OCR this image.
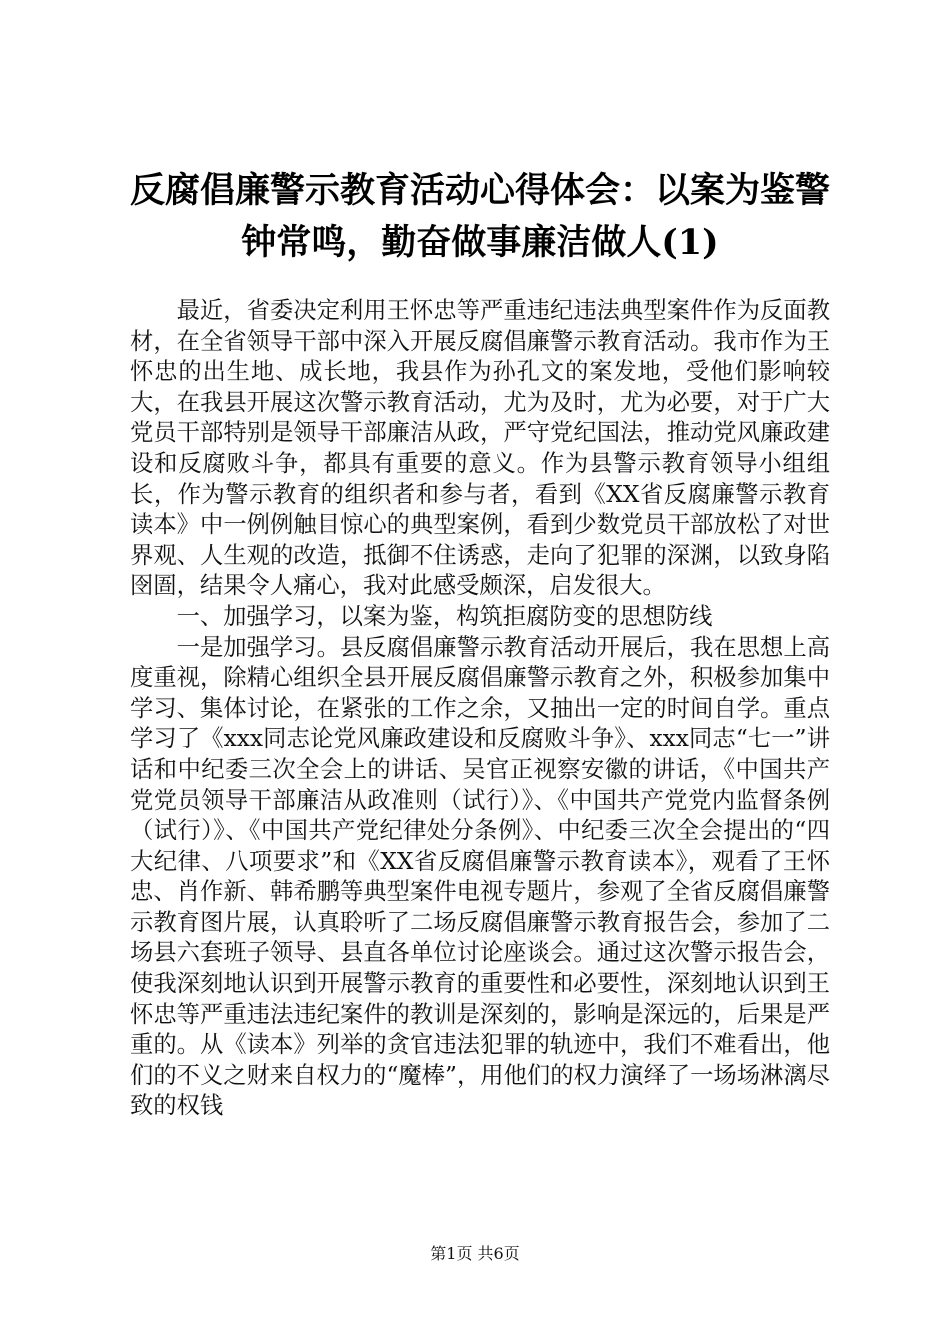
反腐倡廉警示教育活动心得体会：以案为鉴警
钟常鸣，勤奋做事廉洁做人(1)

最近，省委决定利用王怀忠等严重违纪违法典型案件作为反面教材，在全省领导干部中深入开展反腐倡廉警示教育活动。我市作为王怀忠的出生地、成长地，我县作为孙孔文的案发地，受他们影响较大，在我县开展这次警示教育活动，尤为及时，尤为必要，对于广大党员干部特别是领导干部廉洁从政，严守党纪国法，推动党风廉政建设和反腐败斗争，都具有重要的意义。作为县警示教育领导小组组长，作为警示教育的组织者和参与者，看到《XX省反腐廉警示教育读本》中一例例触目惊心的典型案例，看到少数党员干部放松了对世界观、人生观的改造，抵御不住诱惑，走向了犯罪的深渊，以致身陷囹圄，结果令人痛心，我对此感受颇深，启发很大。

一、加强学习，以案为鉴，构筑拒腐防变的思想防线

一是加强学习。县反腐倡廉警示教育活动开展后，我在思想上高度重视，除精心组织全县开展反腐倡廉警示教育之外，积极参加集中学习、集体讨论，在紧张的工作之余，又抽出一定的时间自学。重点学习了《xxx同志论党风廉政建设和反腐败斗争》、xxx同志“七一”讲话和中纪委三次全会上的讲话、吴官正视察安徽的讲话，《中国共产党党员领导干部廉洁从政准则（试行）》、《中国共产党党内监督条例（试行）》、《中国共产党纪律处分条例》、中纪委三次全会提出的“四大纪律、八项要求”和《XX省反腐倡廉警示教育读本》，观看了王怀忠、肖作新、韩希鹏等典型案件电视专题片，参观了全省反腐倡廉警示教育图片展，认真聆听了二场反腐倡廉警示教育报告会，参加了二场县六套班子领导、县直各单位讨论座谈会。通过这次警示报告会，使我深刻地认识到开展警示教育的重要性和必要性，深刻地认识到王怀忠等严重违法违纪案件的教训是深刻的，影响是深远的，后果是严重的。从《读本》列举的贪官违法犯罪的轨迹中，我们不难看出，他们的不义之财来自权力的“魔棒”，用他们的权力演绎了一场场淋漓尽致的权钱

第1页 共6页
